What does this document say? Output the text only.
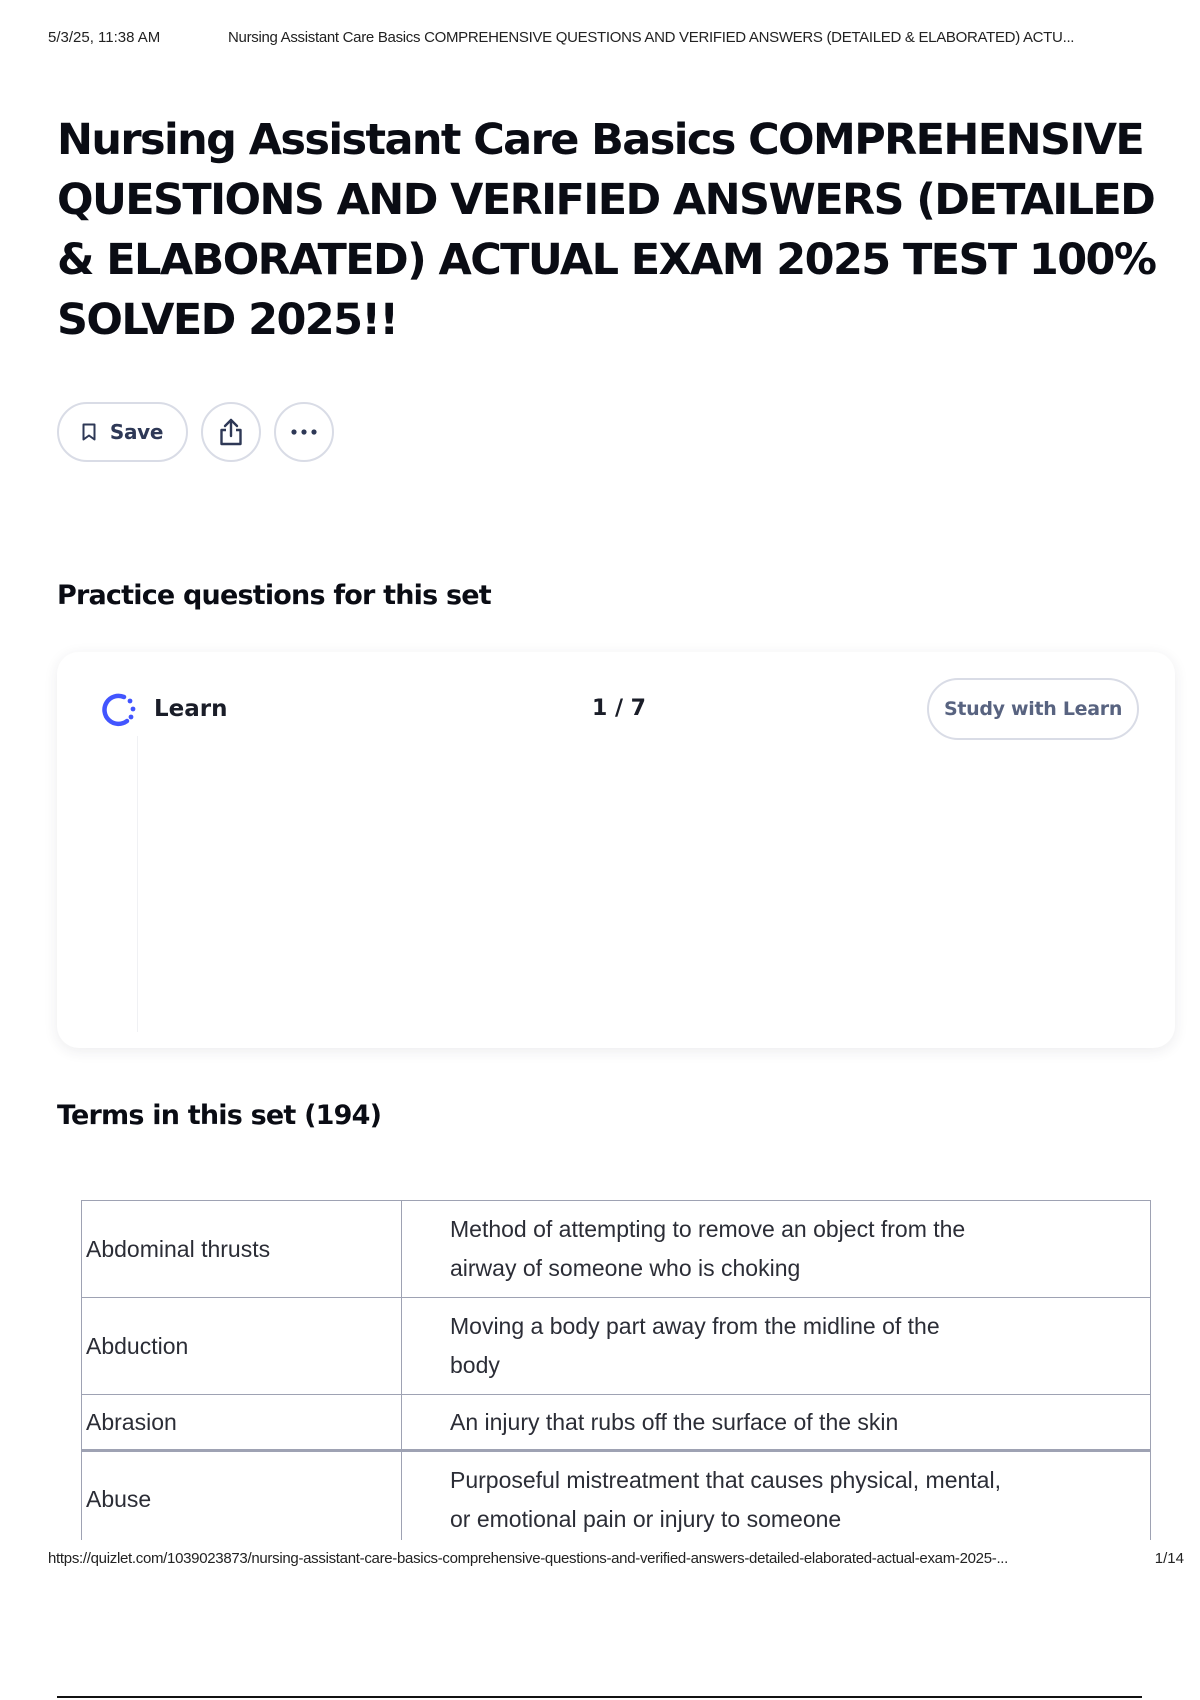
5/3/25, 11:38 AM	Nursing Assistant Care Basics COMPREHENSIVE QUESTIONS AND VERIFIED ANSWERS (DETAILED & ELABORATED) ACTU...
Nursing Assistant Care Basics COMPREHENSIVE QUESTIONS AND VERIFIED ANSWERS (DETAILED & ELABORATED) ACTUAL EXAM 2025 TEST 100% SOLVED 2025!!
Save
Practice questions for this set
Learn	1 / 7	Study with Learn
Terms in this set (194)
Abdominal thrusts	Method of attempting to remove an object from the
airway of someone who is choking

Abduction	Moving a body part away from the midline of the
body

Abrasion	An injury that rubs off the surface of the skin

Abuse	Purposeful mistreatment that causes physical, mental,
or emotional pain or injury to someone
https://quizlet.com/1039023873/nursing-assistant-care-basics-comprehensive-questions-and-verified-answers-detailed-elaborated-actual-exam-2025-...	1/14
